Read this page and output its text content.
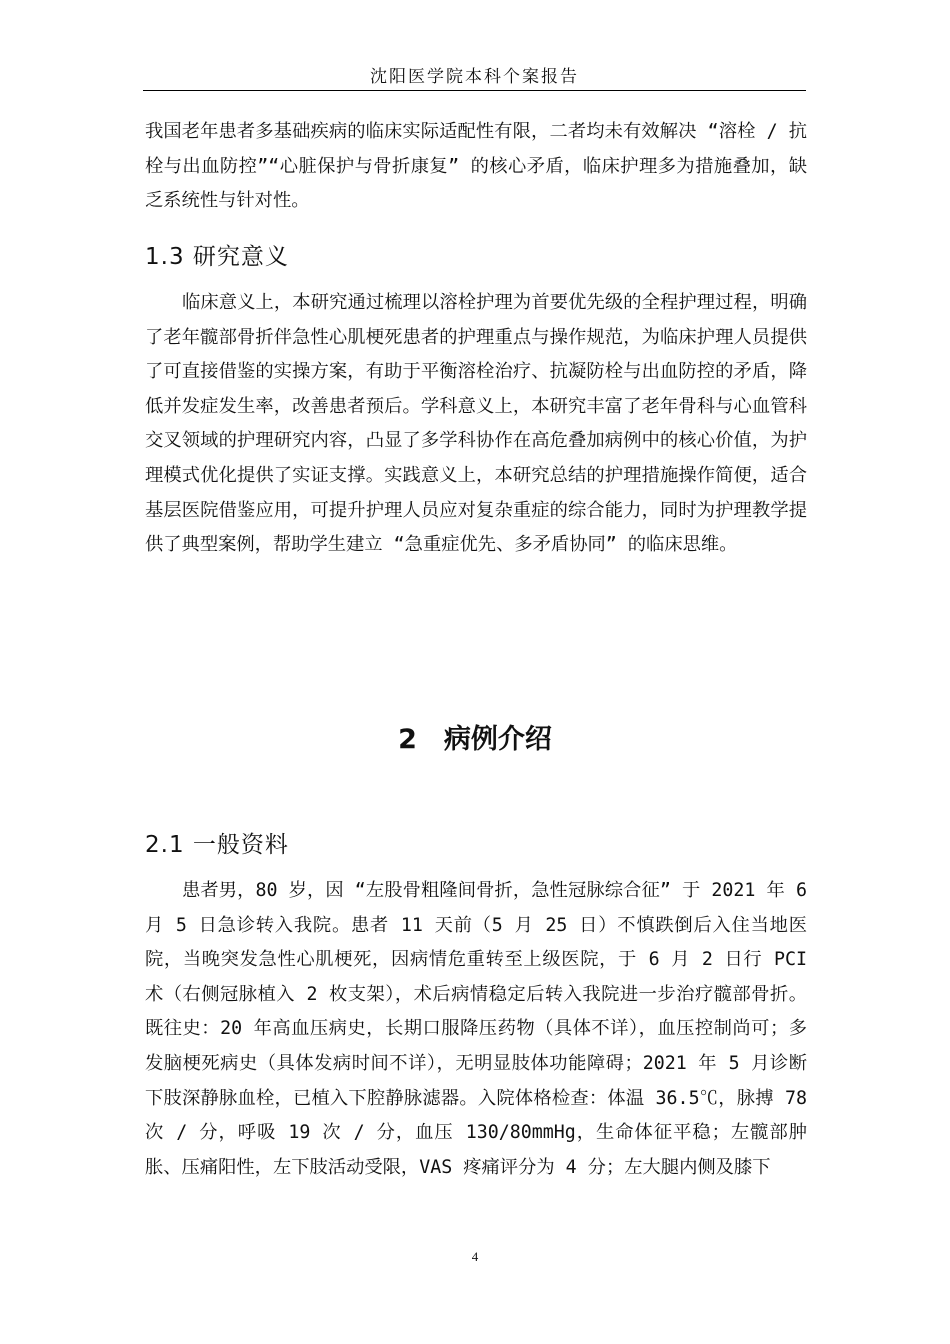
沈阳医学院本科个案报告

我国老年患者多基础疾病的临床实际适配性有限，二者均未有效解决 “溶栓 / 抗栓与出血防控”“心脏保护与骨折康复” 的核心矛盾，临床护理多为措施叠加，缺乏系统性与针对性。

1.3 研究意义

临床意义上，本研究通过梳理以溶栓护理为首要优先级的全程护理过程，明确了老年髋部骨折伴急性心肌梗死患者的护理重点与操作规范，为临床护理人员提供了可直接借鉴的实操方案，有助于平衡溶栓治疗、抗凝防栓与出血防控的矛盾，降低并发症发生率，改善患者预后。学科意义上，本研究丰富了老年骨科与心血管科交叉领域的护理研究内容，凸显了多学科协作在高危叠加病例中的核心价值，为护理模式优化提供了实证支撑。实践意义上，本研究总结的护理措施操作简便，适合基层医院借鉴应用，可提升护理人员应对复杂重症的综合能力，同时为护理教学提供了典型案例，帮助学生建立 “急重症优先、多矛盾协同” 的临床思维。

2　病例介绍
2.1 一般资料

患者男，80 岁，因 “左股骨粗隆间骨折，急性冠脉综合征” 于 2021 年 6 月 5 日急诊转入我院。患者 11 天前（5 月 25 日）不慎跌倒后入住当地医院，当晚突发急性心肌梗死，因病情危重转至上级医院，于 6 月 2 日行 PCI 术（右侧冠脉植入 2 枚支架），术后病情稳定后转入我院进一步治疗髋部骨折。既往史：20 年高血压病史，长期口服降压药物（具体不详），血压控制尚可；多发脑梗死病史（具体发病时间不详），无明显肢体功能障碍；2021 年 5 月诊断下肢深静脉血栓，已植入下腔静脉滤器。入院体格检查：体温 36.5℃，脉搏 78 次 / 分，呼吸 19 次 / 分，血压 130/80mmHg，生命体征平稳；左髋部肿胀、压痛阳性，左下肢活动受限，VAS 疼痛评分为 4 分；左大腿内侧及膝下

4
